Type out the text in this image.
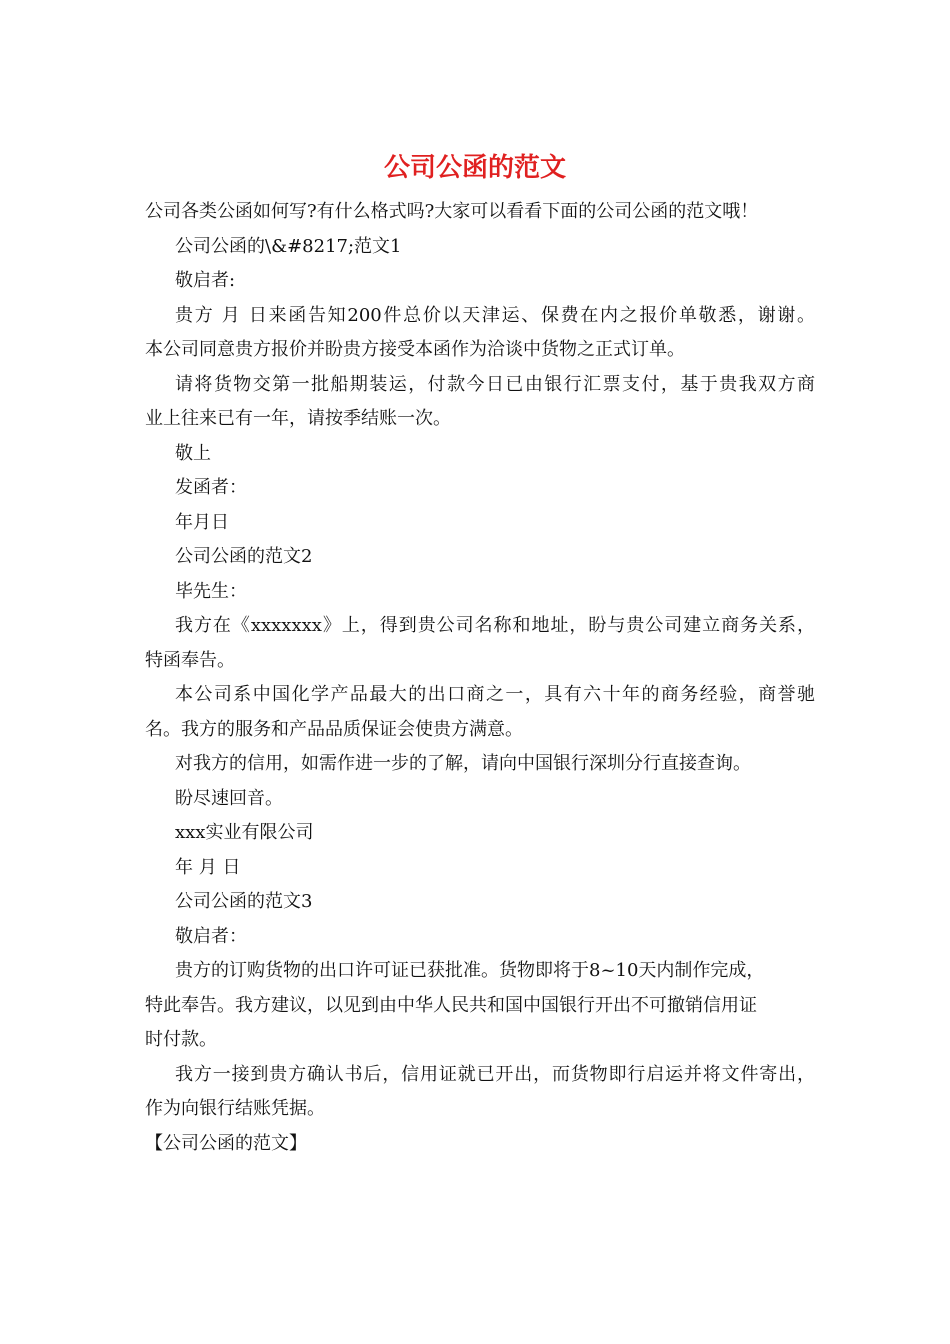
公司公函的范文

公司各类公函如何写?有什么格式吗?大家可以看看下面的公司公函的范文哦！

公司公函的\&#8217;范文1

敬启者:

贵方 月 日来函告知200件总价以天津运、保费在内之报价单敬悉，谢谢。

本公司同意贵方报价并盼贵方接受本函作为洽谈中货物之正式订单。

请将货物交第一批船期装运，付款今日已由银行汇票支付，基于贵我双方商

业上往来已有一年，请按季结账一次。

敬上

发函者：

年月日

公司公函的范文2

毕先生：

我方在《xxxxxxx》上，得到贵公司名称和地址，盼与贵公司建立商务关系，

特函奉告。

本公司系中国化学产品最大的出口商之一，具有六十年的商务经验，商誉驰

名。我方的服务和产品品质保证会使贵方满意。

对我方的信用，如需作进一步的了解，请向中国银行深圳分行直接查询。

盼尽速回音。

xxx实业有限公司

年 月 日

公司公函的范文3

敬启者：

贵方的订购货物的出口许可证已获批准。货物即将于8~10天内制作完成，

特此奉告。我方建议，以见到由中华人民共和国中国银行开出不可撤销信用证

时付款。

我方一接到贵方确认书后，信用证就已开出，而货物即行启运并将文件寄出，

作为向银行结账凭据。

【公司公函的范文】
